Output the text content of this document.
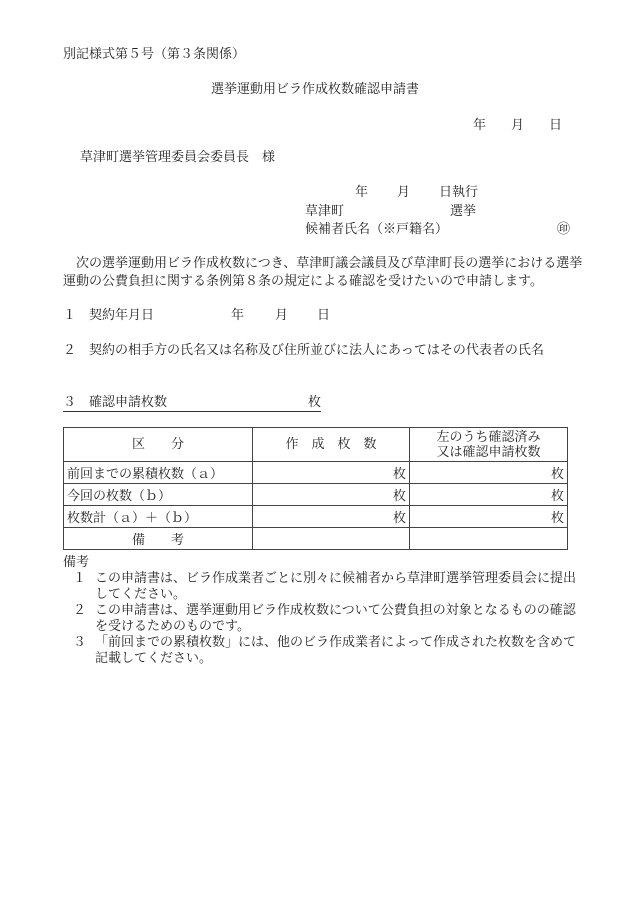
別記様式第５号（第３条関係）
選挙運動用ビラ作成枚数確認申請書
年 月 日
草津町選挙管理委員会委員長　様
年 月 日執行
草津町	選挙
候補者氏名（※戸籍名）	㊞
　次の選挙運動用ビラ作成枚数につき、草津町議会議員及び草津町長の選挙における選挙運動の公費負担に関する条例第８条の規定による確認を受けたいので申請します。
１　契約年月日	年 月 日
２　契約の相手方の氏名又は名称及び住所並びに法人にあってはその代表者の氏名
３　確認申請枚数	枚
区　　分	作　成　枚　数	左のうち確認済み
又は確認申請枚数
前回までの累積枚数（ａ）	枚	枚
今回の枚数（ｂ）	枚	枚
枚数計（ａ）＋（ｂ）	枚	枚
備　　考		
備考
１ この申請書は、ビラ作成業者ごとに別々に候補者から草津町選挙管理委員会に提出してください。
２ この申請書は、選挙運動用ビラ作成枚数について公費負担の対象となるものの確認を受けるためのものです。
３ 「前回までの累積枚数」には、他のビラ作成業者によって作成された枚数を含めて記載してください。
